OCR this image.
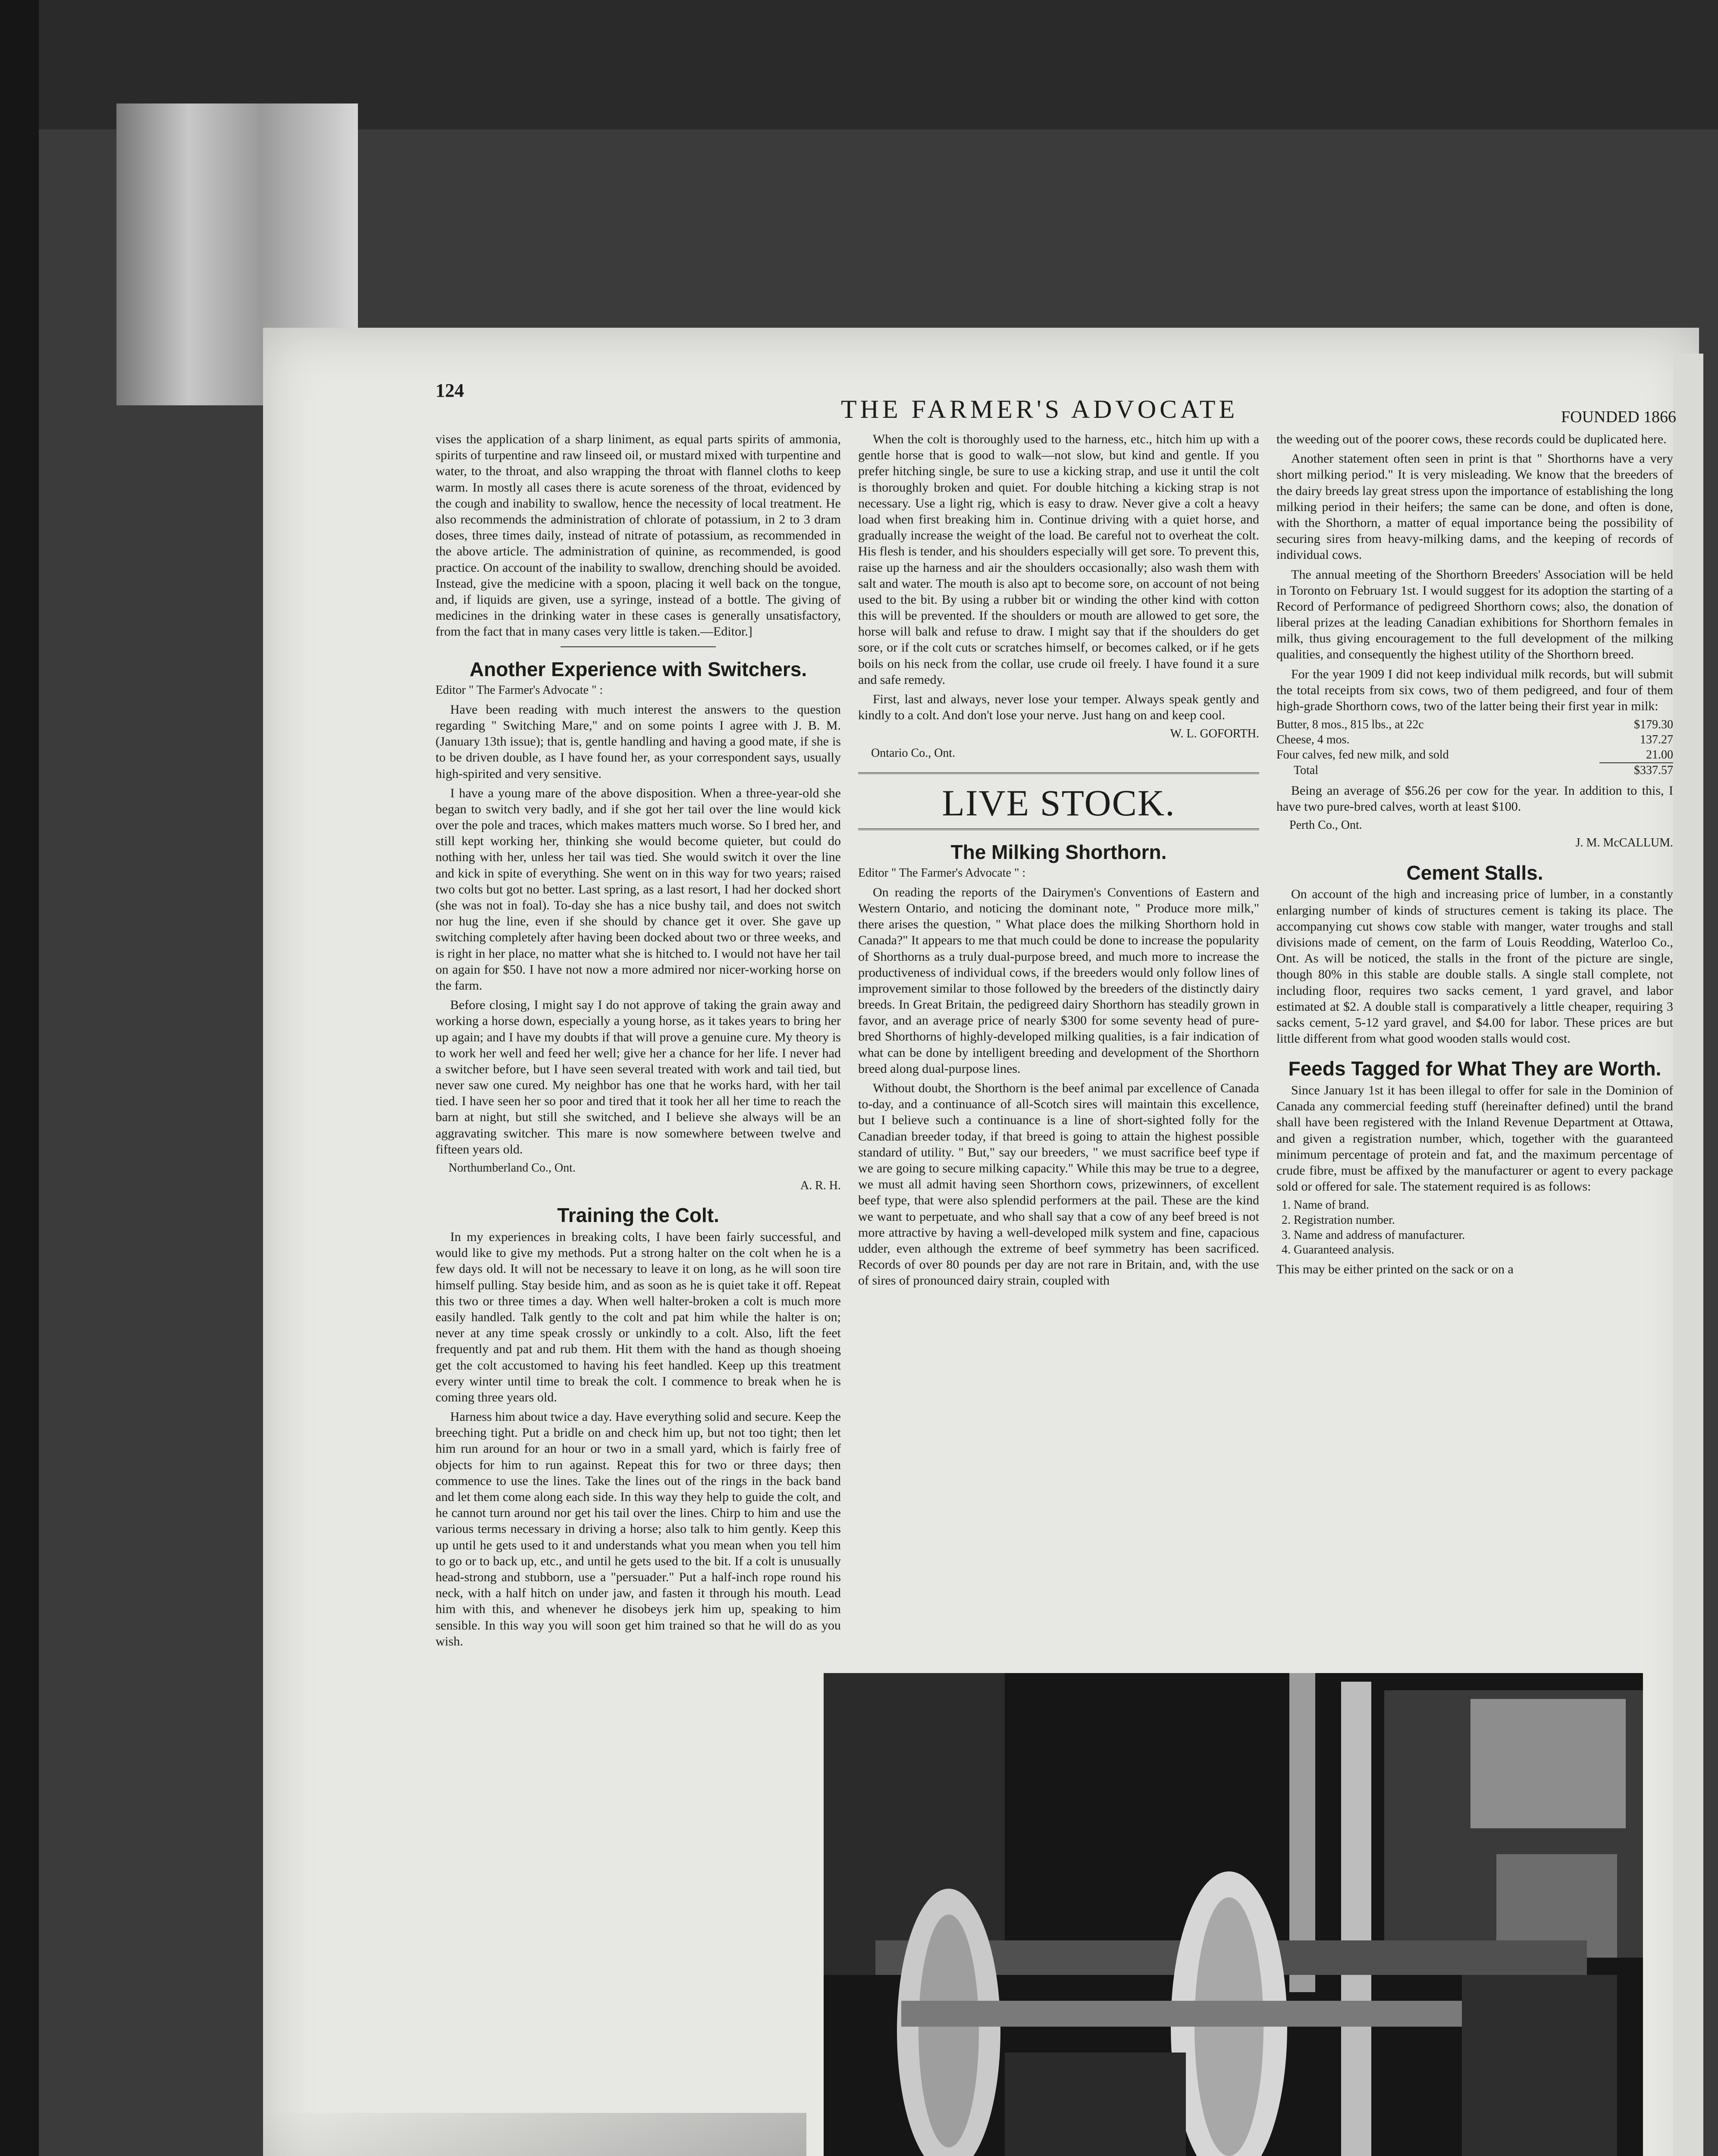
124
THE FARMER'S ADVOCATE	FOUNDED 1866

vises the application of a sharp liniment, as equal parts spirits of ammonia, spirits of turpentine and raw linseed oil, or mustard mixed with turpentine and water, to the throat, and also wrapping the throat with flannel cloths to keep warm. In mostly all cases there is acute soreness of the throat, evidenced by the cough and inability to swallow, hence the necessity of local treatment. He also recommends the administration of chlorate of potassium, in 2 to 3 dram doses, three times daily, instead of nitrate of potassium, as recommended in the above article. The administration of quinine, as recommended, is good practice. On account of the inability to swallow, drenching should be avoided. Instead, give the medicine with a spoon, placing it well back on the tongue, and, if liquids are given, use a syringe, instead of a bottle. The giving of medicines in the drinking water in these cases is generally unsatisfactory, from the fact that in many cases very little is taken.—Editor.]

Another Experience with Switchers.
Editor " The Farmer's Advocate " :

Have been reading with much interest the answers to the question regarding " Switching Mare," and on some points I agree with J. B. M. (January 13th issue); that is, gentle handling and having a good mate, if she is to be driven double, as I have found her, as your correspondent says, usually high-spirited and very sensitive.

I have a young mare of the above disposition. When a three-year-old she began to switch very badly, and if she got her tail over the line would kick over the pole and traces, which makes matters much worse. So I bred her, and still kept working her, thinking she would become quieter, but could do nothing with her, unless her tail was tied. She would switch it over the line and kick in spite of everything. She went on in this way for two years; raised two colts but got no better. Last spring, as a last resort, I had her docked short (she was not in foal). To-day she has a nice bushy tail, and does not switch nor hug the line, even if she should by chance get it over. She gave up switching completely after having been docked about two or three weeks, and is right in her place, no matter what she is hitched to. I would not have her tail on again for $50. I have not now a more admired nor nicer-working horse on the farm.

Before closing, I might say I do not approve of taking the grain away and working a horse down, especially a young horse, as it takes years to bring her up again; and I have my doubts if that will prove a genuine cure. My theory is to work her well and feed her well; give her a chance for her life. I never had a switcher before, but I have seen several treated with work and tail tied, but never saw one cured. My neighbor has one that he works hard, with her tail tied. I have seen her so poor and tired that it took her all her time to reach the barn at night, but still she switched, and I believe she always will be an aggravating switcher. This mare is now somewhere between twelve and fifteen years old.

Northumberland Co., Ont.
A. R. H.
Training the Colt.

In my experiences in breaking colts, I have been fairly successful, and would like to give my methods. Put a strong halter on the colt when he is a few days old. It will not be necessary to leave it on long, as he will soon tire himself pulling. Stay beside him, and as soon as he is quiet take it off. Repeat this two or three times a day. When well halter-broken a colt is much more easily handled. Talk gently to the colt and pat him while the halter is on; never at any time speak crossly or unkindly to a colt. Also, lift the feet frequently and pat and rub them. Hit them with the hand as though shoeing get the colt accustomed to having his feet handled. Keep up this treatment every winter until time to break the colt. I commence to break when he is coming three years old.

Harness him about twice a day. Have everything solid and secure. Keep the breeching tight. Put a bridle on and check him up, but not too tight; then let him run around for an hour or two in a small yard, which is fairly free of objects for him to run against. Repeat this for two or three days; then commence to use the lines. Take the lines out of the rings in the back band and let them come along each side. In this way they help to guide the colt, and he cannot turn around nor get his tail over the lines. Chirp to him and use the various terms necessary in driving a horse; also talk to him gently. Keep this up until he gets used to it and understands what you mean when you tell him to go or to back up, etc., and until he gets used to the bit. If a colt is unusually head-strong and stubborn, use a "persuader." Put a half-inch rope round his neck, with a half hitch on under jaw, and fasten it through his mouth. Lead him with this, and whenever he disobeys jerk him up, speaking to him sensible. In this way you will soon get him trained so that he will do as you wish.

When the colt is thoroughly used to the harness, etc., hitch him up with a gentle horse that is good to walk—not slow, but kind and gentle. If you prefer hitching single, be sure to use a kicking strap, and use it until the colt is thoroughly broken and quiet. For double hitching a kicking strap is not necessary. Use a light rig, which is easy to draw. Never give a colt a heavy load when first breaking him in. Continue driving with a quiet horse, and gradually increase the weight of the load. Be careful not to overheat the colt. His flesh is tender, and his shoulders especially will get sore. To prevent this, raise up the harness and air the shoulders occasionally; also wash them with salt and water. The mouth is also apt to become sore, on account of not being used to the bit. By using a rubber bit or winding the other kind with cotton this will be prevented. If the shoulders or mouth are allowed to get sore, the horse will balk and refuse to draw. I might say that if the shoulders do get sore, or if the colt cuts or scratches himself, or becomes calked, or if he gets boils on his neck from the collar, use crude oil freely. I have found it a sure and safe remedy.

First, last and always, never lose your temper. Always speak gently and kindly to a colt. And don't lose your nerve. Just hang on and keep cool.

W. L. GOFORTH.
Ontario Co., Ont.
LIVE STOCK.
The Milking Shorthorn.
Editor " The Farmer's Advocate " :

On reading the reports of the Dairymen's Conventions of Eastern and Western Ontario, and noticing the dominant note, " Produce more milk," there arises the question, " What place does the milking Shorthorn hold in Canada?" It appears to me that much could be done to increase the popularity of Shorthorns as a truly dual-purpose breed, and much more to increase the productiveness of individual cows, if the breeders would only follow lines of improvement similar to those followed by the breeders of the distinctly dairy breeds. In Great Britain, the pedigreed dairy Shorthorn has steadily grown in favor, and an average price of nearly $300 for some seventy head of pure-bred Shorthorns of highly-developed milking qualities, is a fair indication of what can be done by intelligent breeding and development of the Shorthorn breed along dual-purpose lines.

Without doubt, the Shorthorn is the beef animal par excellence of Canada to-day, and a continuance of all-Scotch sires will maintain this excellence, but I believe such a continuance is a line of short-sighted folly for the Canadian breeder today, if that breed is going to attain the highest possible standard of utility. " But," say our breeders, " we must sacrifice beef type if we are going to secure milking capacity." While this may be true to a degree, we must all admit having seen Shorthorn cows, prizewinners, of excellent beef type, that were also splendid performers at the pail. These are the kind we want to perpetuate, and who shall say that a cow of any beef breed is not more attractive by having a well-developed milk system and fine, capacious udder, even although the extreme of beef symmetry has been sacrificed. Records of over 80 pounds per day are not rare in Britain, and, with the use of sires of pronounced dairy strain, coupled with

the weeding out of the poorer cows, these records could be duplicated here.

Another statement often seen in print is that " Shorthorns have a very short milking period." It is very misleading. We know that the breeders of the dairy breeds lay great stress upon the importance of establishing the long milking period in their heifers; the same can be done, and often is done, with the Shorthorn, a matter of equal importance being the possibility of securing sires from heavy-milking dams, and the keeping of records of individual cows.

The annual meeting of the Shorthorn Breeders' Association will be held in Toronto on February 1st. I would suggest for its adoption the starting of a Record of Performance of pedigreed Shorthorn cows; also, the donation of liberal prizes at the leading Canadian exhibitions for Shorthorn females in milk, thus giving encouragement to the full development of the milking qualities, and consequently the highest utility of the Shorthorn breed.

For the year 1909 I did not keep individual milk records, but will submit the total receipts from six cows, two of them pedigreed, and four of them high-grade Shorthorn cows, two of the latter being their first year in milk:

Butter, 8 mos., 815 lbs., at 22c	$179.30
Cheese, 4 mos.	137.27
Four calves, fed new milk, and sold	21.00
Total	$337.57

Being an average of $56.26 per cow for the year. In addition to this, I have two pure-bred calves, worth at least $100.

Perth Co., Ont.
J. M. McCALLUM.
Cement Stalls.

On account of the high and increasing price of lumber, in a constantly enlarging number of kinds of structures cement is taking its place. The accompanying cut shows cow stable with manger, water troughs and stall divisions made of cement, on the farm of Louis Reodding, Waterloo Co., Ont. As will be noticed, the stalls in the front of the picture are single, though 80% in this stable are double stalls. A single stall complete, not including floor, requires two sacks cement, 1 yard gravel, and labor estimated at $2. A double stall is comparatively a little cheaper, requiring 3 sacks cement, 5-12 yard gravel, and $4.00 for labor. These prices are but little different from what good wooden stalls would cost.

Feeds Tagged for What They are Worth.

Since January 1st it has been illegal to offer for sale in the Dominion of Canada any commercial feeding stuff (hereinafter defined) until the brand shall have been registered with the Inland Revenue Department at Ottawa, and given a registration number, which, together with the guaranteed minimum percentage of protein and fat, and the maximum percentage of crude fibre, must be affixed by the manufacturer or agent to every package sold or offered for sale. The statement required is as follows:

1. Name of brand.
2. Registration number.
3. Name and address of manufacturer.
4. Guaranteed analysis.

This may be either printed on the sack or on a
